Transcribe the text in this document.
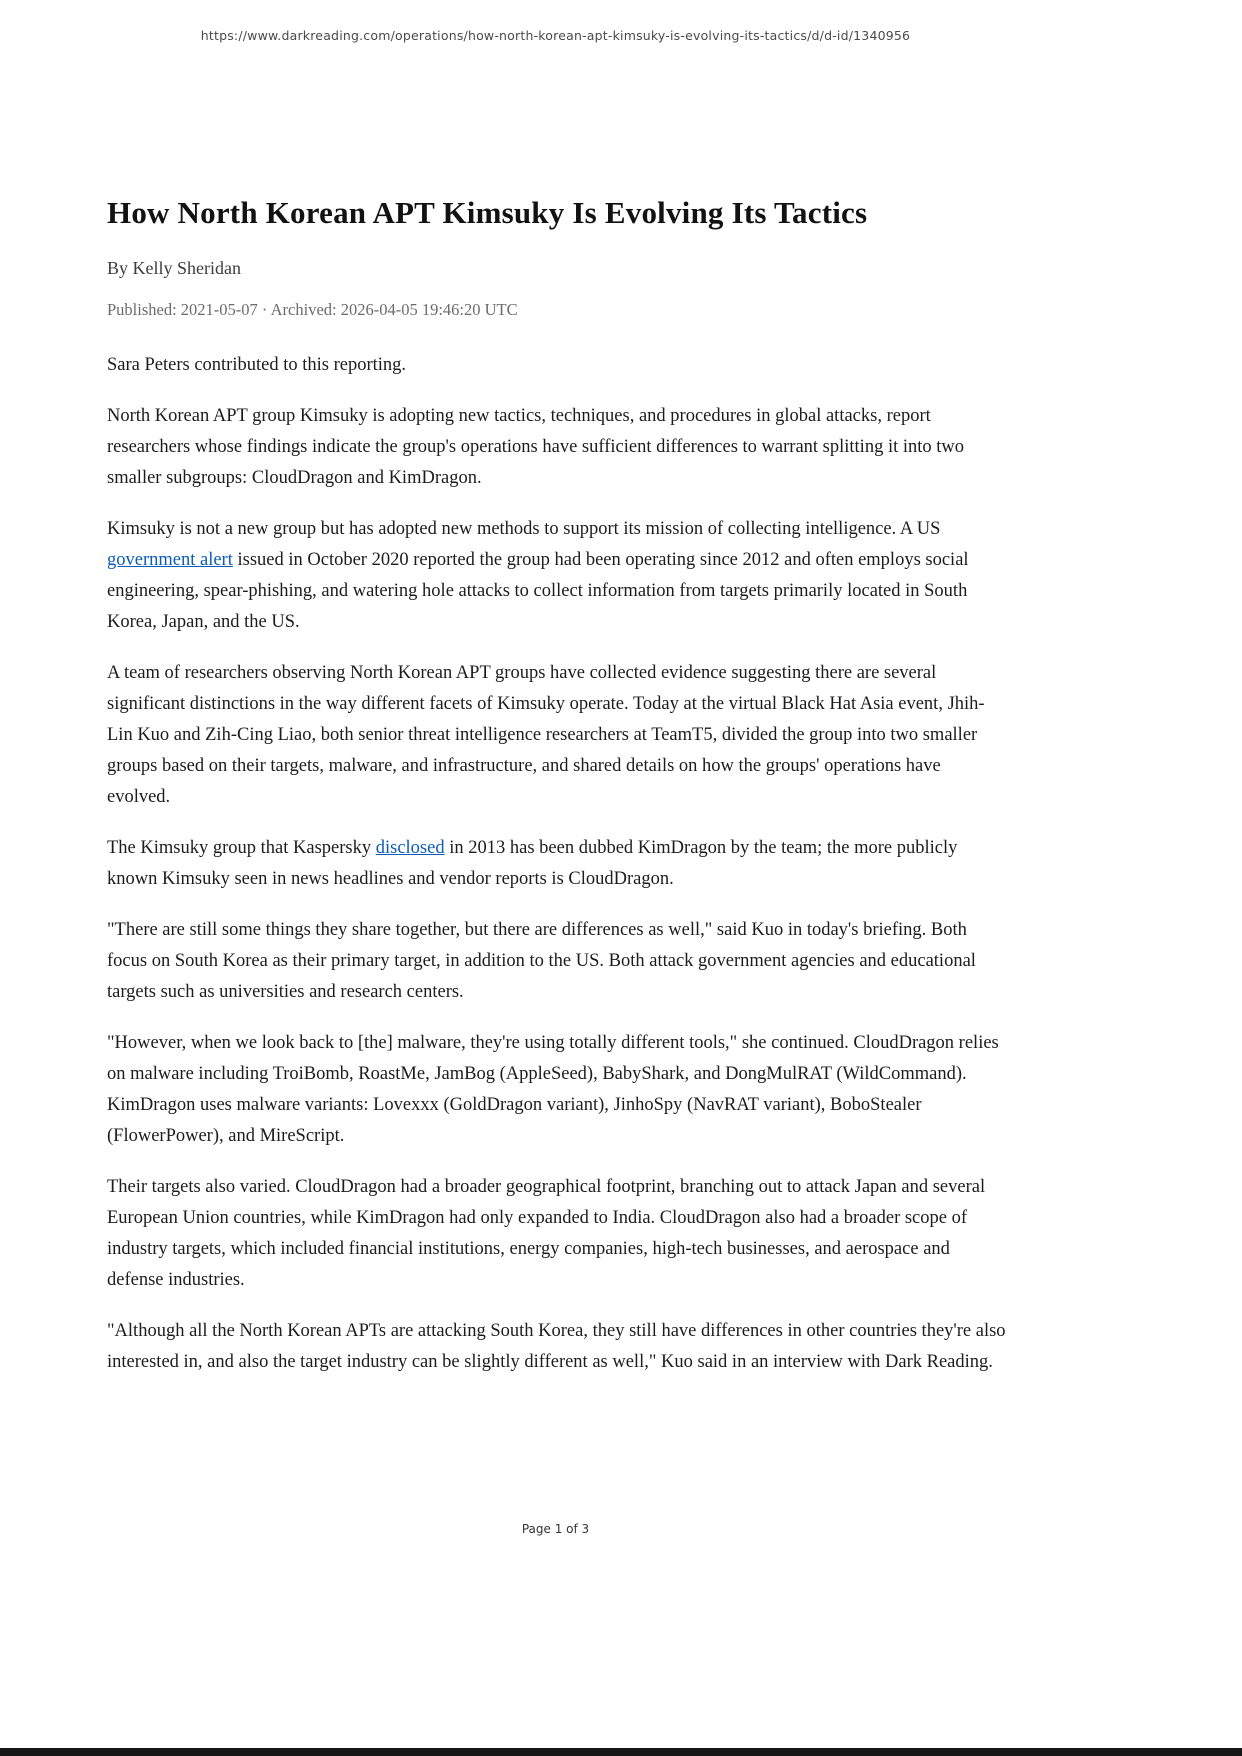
https://www.darkreading.com/operations/how-north-korean-apt-kimsuky-is-evolving-its-tactics/d/d-id/1340956
How North Korean APT Kimsuky Is Evolving Its Tactics
By Kelly Sheridan
Published: 2021-05-07 · Archived: 2026-04-05 19:46:20 UTC

Sara Peters contributed to this reporting.

North Korean APT group Kimsuky is adopting new tactics, techniques, and procedures in global attacks, report researchers whose findings indicate the group's operations have sufficient differences to warrant splitting it into two smaller subgroups: CloudDragon and KimDragon.

Kimsuky is not a new group but has adopted new methods to support its mission of collecting intelligence. A US government alert issued in October 2020 reported the group had been operating since 2012 and often employs social engineering, spear-phishing, and watering hole attacks to collect information from targets primarily located in South Korea, Japan, and the US.

A team of researchers observing North Korean APT groups have collected evidence suggesting there are several significant distinctions in the way different facets of Kimsuky operate. Today at the virtual Black Hat Asia event, Jhih-Lin Kuo and Zih-Cing Liao, both senior threat intelligence researchers at TeamT5, divided the group into two smaller groups based on their targets, malware, and infrastructure, and shared details on how the groups' operations have evolved.

The Kimsuky group that Kaspersky disclosed in 2013 has been dubbed KimDragon by the team; the more publicly known Kimsuky seen in news headlines and vendor reports is CloudDragon.

"There are still some things they share together, but there are differences as well," said Kuo in today's briefing. Both focus on South Korea as their primary target, in addition to the US. Both attack government agencies and educational targets such as universities and research centers.

"However, when we look back to [the] malware, they're using totally different tools," she continued. CloudDragon relies on malware including TroiBomb, RoastMe, JamBog (AppleSeed), BabyShark, and DongMulRAT (WildCommand). KimDragon uses malware variants: Lovexxx (GoldDragon variant), JinhoSpy (NavRAT variant), BoboStealer (FlowerPower), and MireScript.

Their targets also varied. CloudDragon had a broader geographical footprint, branching out to attack Japan and several European Union countries, while KimDragon had only expanded to India. CloudDragon also had a broader scope of industry targets, which included financial institutions, energy companies, high-tech businesses, and aerospace and defense industries.

"Although all the North Korean APTs are attacking South Korea, they still have differences in other countries they're also interested in, and also the target industry can be slightly different as well," Kuo said in an interview with Dark Reading.

Page 1 of 3
